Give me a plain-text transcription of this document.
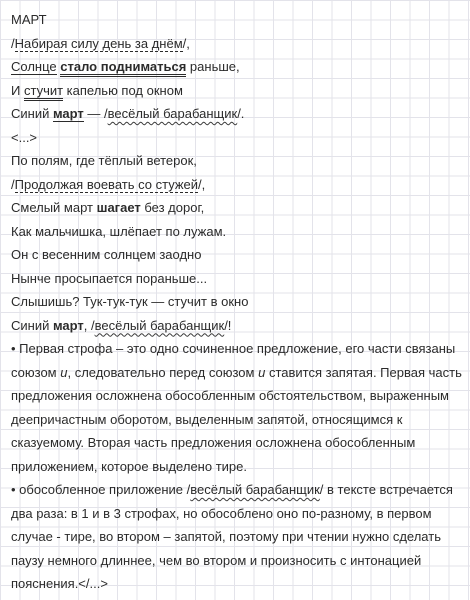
МАРТ
/Набирая силу день за днём/,
Солнце стало подниматься раньше,
И стучит капелью под окном
Синий март — /весёлый барабанщик/.
<...>
По полям, где тёплый ветерок,
/Продолжая воевать со стужей/,
Смелый март шагает без дорог,
Как мальчишка, шлёпает по лужам.
Он с весенним солнцем заодно
Нынче просыпается пораньше...
Слышишь? Тук-тук-тук — стучит в окно
Синий март, /весёлый барабанщик/!
• Первая строфа – это одно сочиненное предложение, его части связаны
союзом и, следовательно перед союзом и ставится запятая. Первая часть
предложения осложнена обособленным обстоятельством, выраженным
деепричастным оборотом, выделенным запятой, относящимся к
сказуемому. Вторая часть предложения осложнена обособленным
приложением, которое выделено тире.
• обособленное приложение /весёлый барабанщик/ в тексте встречается
два раза: в 1 и в 3 строфах, но обособлено оно по-разному, в первом
случае - тире, во втором – запятой, поэтому при чтении нужно сделать
паузу немного длиннее, чем во втором и произносить с интонацией
пояснения.</...>
